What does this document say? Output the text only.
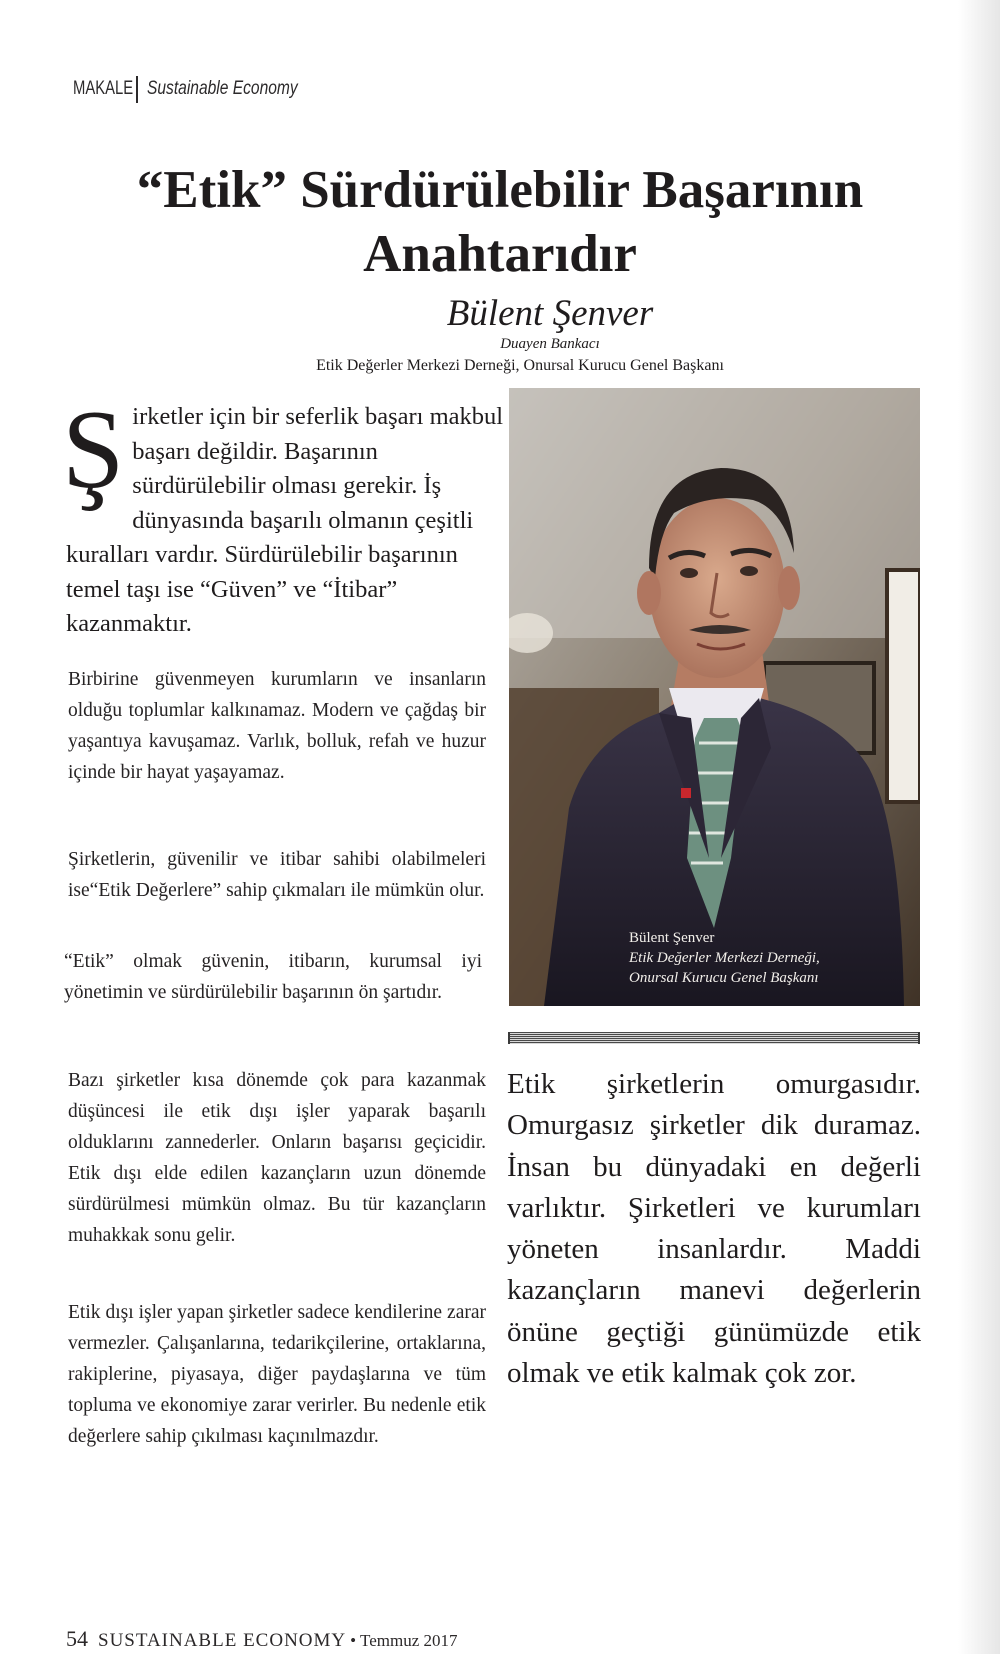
MAKALE Sustainable Economy
“Etik” Sürdürülebilir Başarının Anahtarıdır
Bülent Şenver
Duayen Bankacı
Etik Değerler Merkezi Derneği, Onursal Kurucu Genel Başkanı
Ş irketler için bir seferlik başarı makbul başarı değildir. Başarının sürdürülebilir olması gerekir. İş dünyasında başarılı olmanın çeşitli kuralları vardır. Sürdürülebilir başarının temel taşı ise “Güven” ve “İtibar” kazanmaktır.

Birbirine güvenmeyen kurumların ve insanların olduğu toplumlar kalkınamaz. Modern ve çağdaş bir yaşantıya kavuşamaz. Varlık, bolluk, refah ve huzur içinde bir hayat yaşayamaz.

Şirketlerin, güvenilir ve itibar sahibi olabilmeleri ise“Etik Değerlere” sahip çıkmaları ile mümkün olur.

“Etik” olmak güvenin, itibarın, kurumsal iyi yönetimin ve sürdürülebilir başarının ön şartıdır.

Bazı şirketler kısa dönemde çok para kazanmak düşüncesi ile etik dışı işler yaparak başarılı olduklarını zannederler. Onların başarısı geçicidir. Etik dışı elde edilen kazançların uzun dönemde sürdürülmesi mümkün olmaz. Bu tür kazançların muhakkak sonu gelir.

Etik dışı işler yapan şirketler sadece kendilerine zarar vermezler. Çalışanlarına, tedarikçilerine, ortaklarına, rakiplerine, piyasaya, diğer paydaşlarına ve tüm topluma ve ekonomiye zarar verirler. Bu nedenle etik değerlere sahip çıkılması kaçınılmazdır.

Bülent Şenver
Etik Değerler Merkezi Derneği,
Onursal Kurucu Genel Başkanı

Etik şirketlerin omurgasıdır. Omurgasız şirketler dik duramaz. İnsan bu dünyadaki en değerli varlıktır. Şirketleri ve kurumları yöneten insanlardır. Maddi kazançların manevi değerlerin önüne geçtiği günümüzde etik olmak ve etik kalmak çok zor.

54 SUSTAINABLE ECONOMY • Temmuz 2017
